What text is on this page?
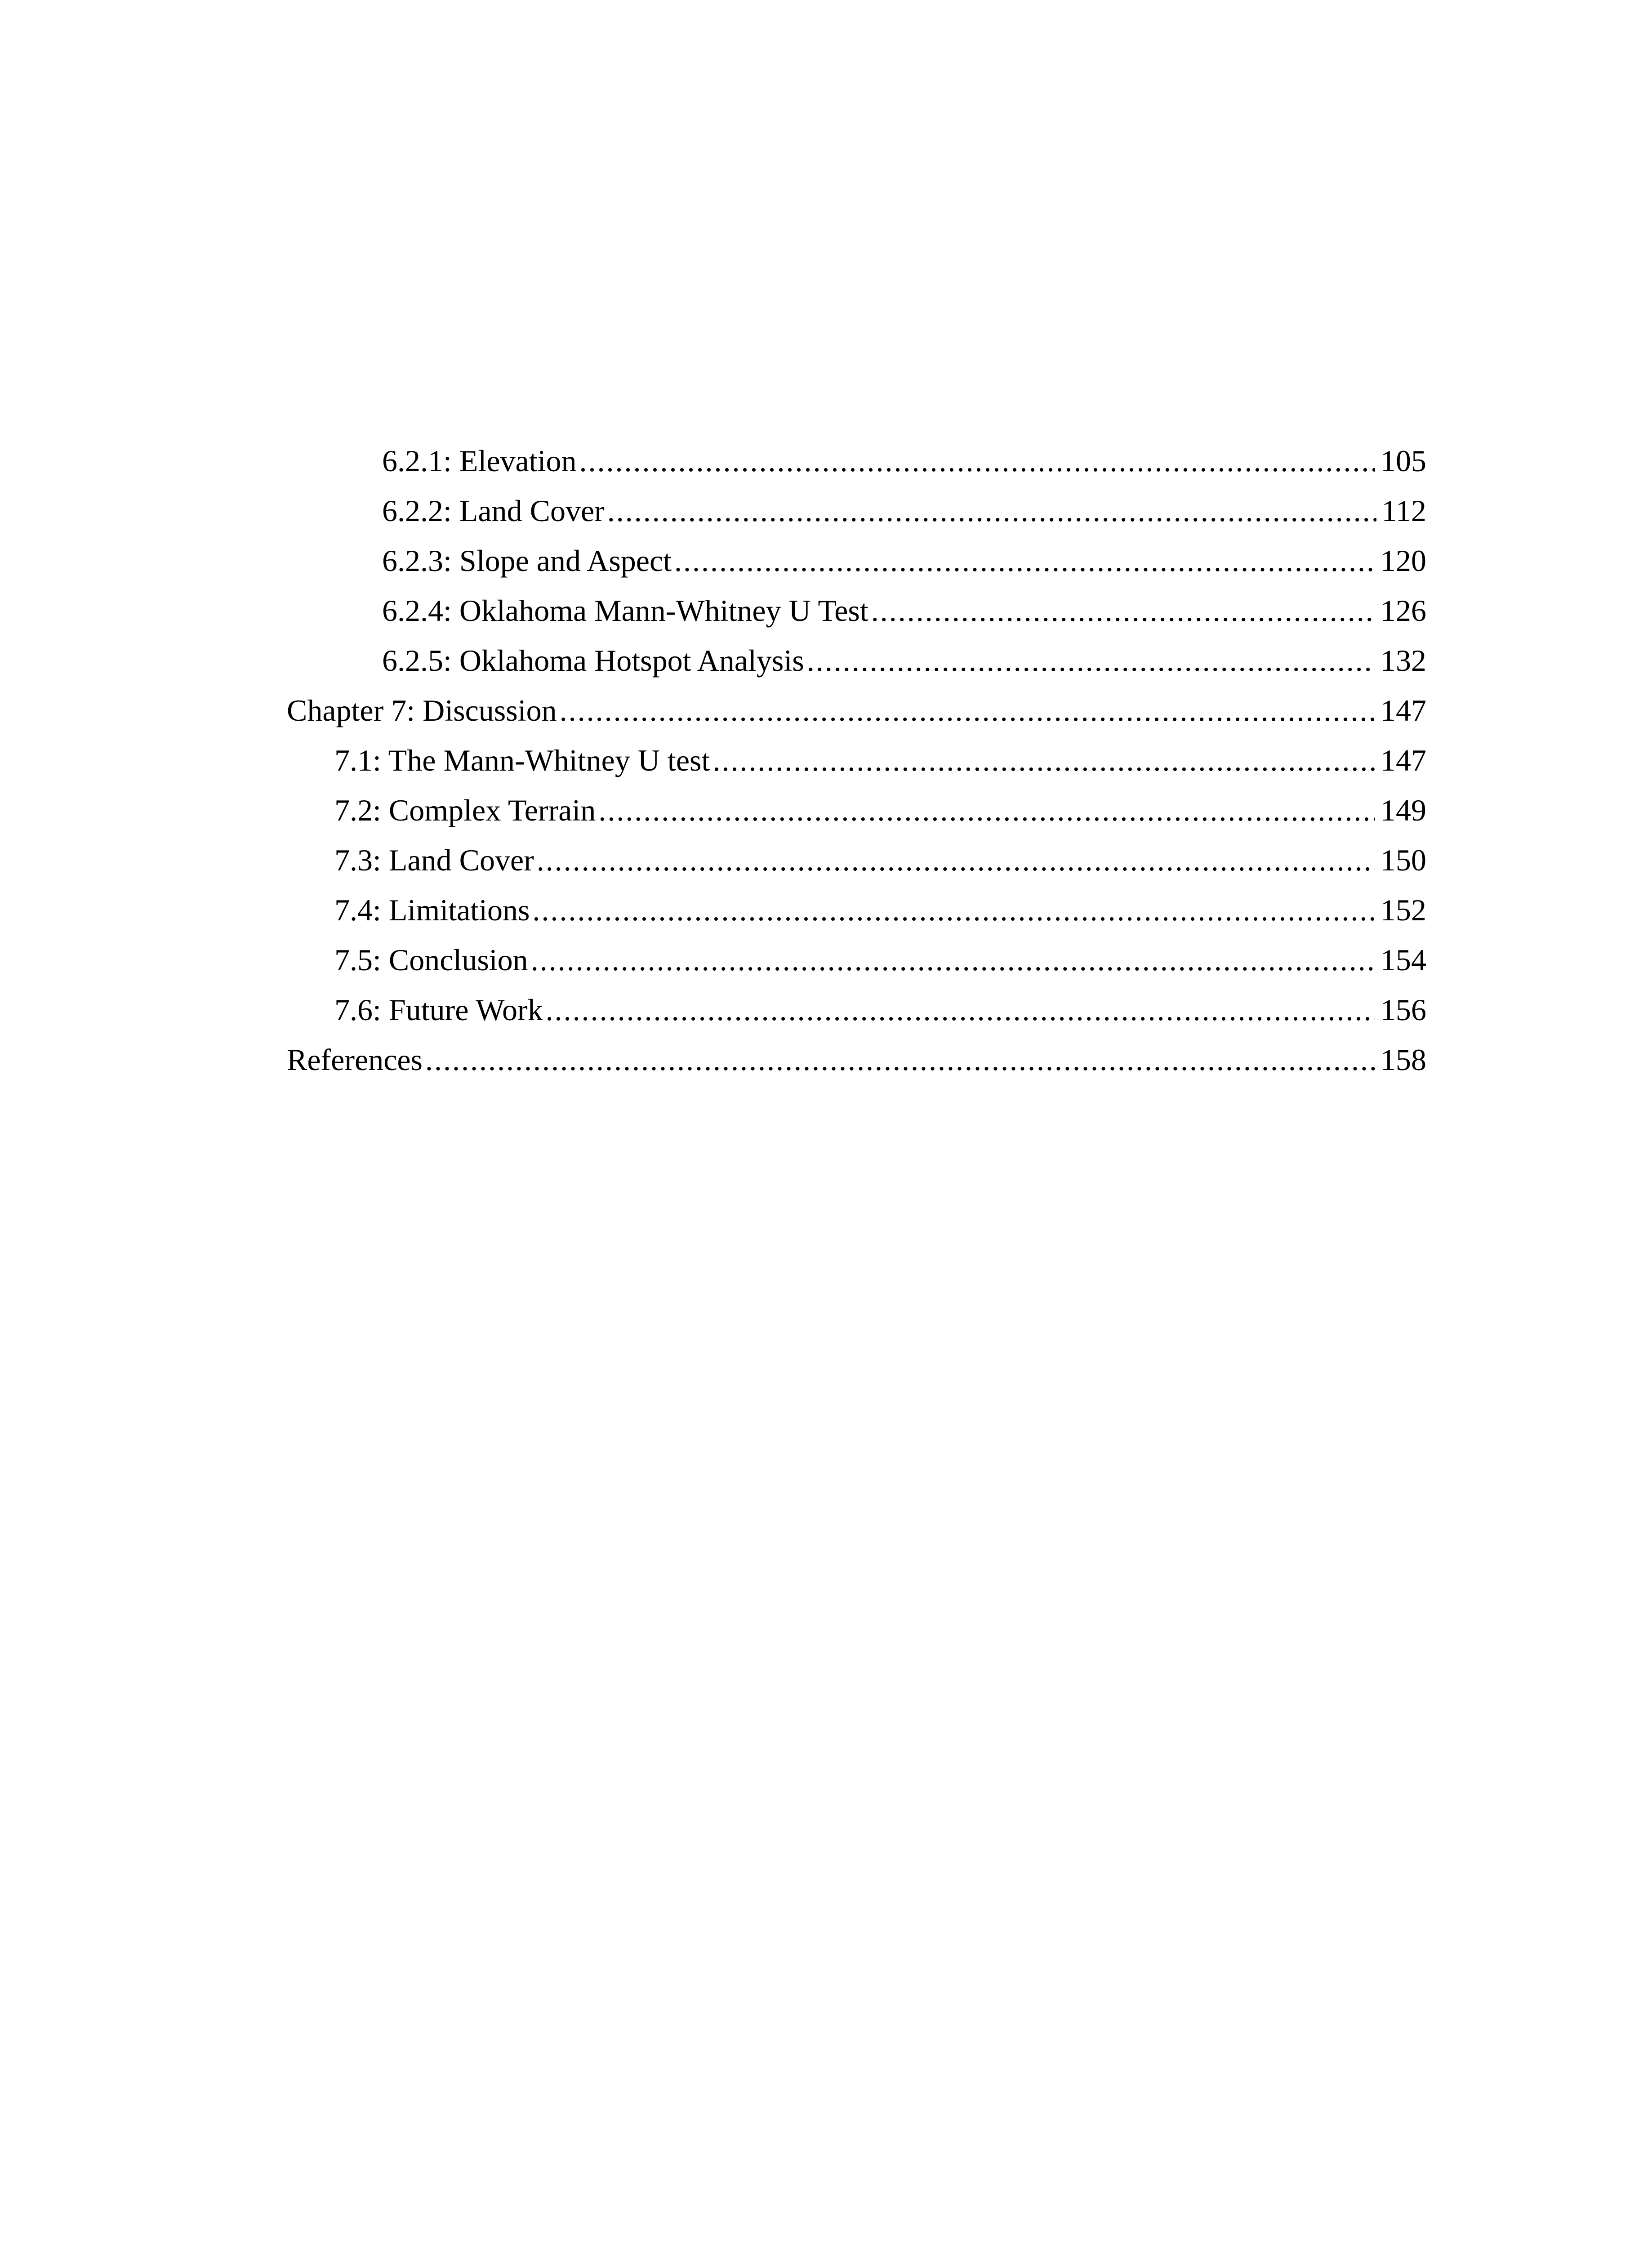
6.2.1: Elevation .....	105
6.2.2: Land Cover .....	112
6.2.3: Slope and Aspect .....	120
6.2.4: Oklahoma Mann-Whitney U Test .....	126
6.2.5: Oklahoma Hotspot Analysis .....	132
Chapter 7: Discussion .....	147
7.1: The Mann-Whitney U test .....	147
7.2: Complex Terrain .....	149
7.3: Land Cover .....	150
7.4: Limitations .....	152
7.5: Conclusion .....	154
7.6: Future Work .....	156
References .....	158
